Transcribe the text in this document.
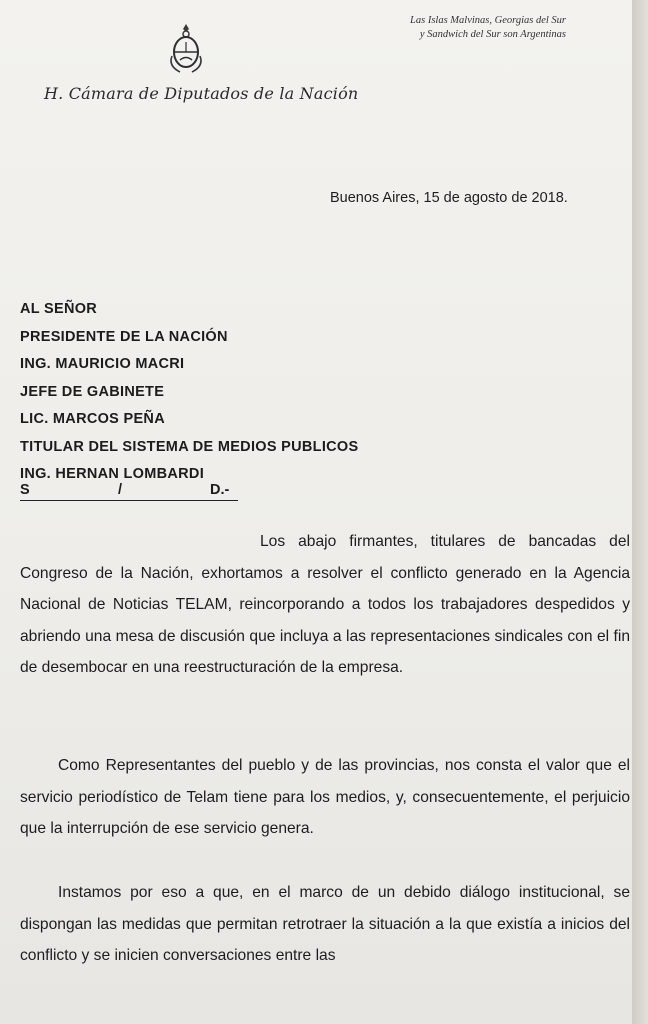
H. Cámara de Diputados de la Nación
Las Islas Malvinas, Georgias del Sur
y Sandwich del Sur son Argentinas
Buenos Aires, 15 de agosto de 2018.
AL SEÑOR
PRESIDENTE DE LA NACIÓN
ING. MAURICIO MACRI
JEFE DE GABINETE
LIC. MARCOS PEÑA
TITULAR DEL SISTEMA DE MEDIOS PUBLICOS
ING. HERNAN LOMBARDI
S	/	D.-
Los abajo firmantes, titulares de bancadas del Congreso de la Nación, exhortamos a resolver el conflicto generado en la Agencia Nacional de Noticias TELAM, reincorporando a todos los trabajadores despedidos y abriendo una mesa de discusión que incluya a las representaciones sindicales con el fin de desembocar en una reestructuración de la empresa.
Como Representantes del pueblo y de las provincias, nos consta el valor que el servicio periodístico de Telam tiene para los medios, y, consecuentemente, el perjuicio que la interrupción de ese servicio genera.
Instamos por eso a que, en el marco de un debido diálogo institucional, se dispongan las medidas que permitan retrotraer la situación a la que existía a inicios del conflicto y se inicien conversaciones entre las
